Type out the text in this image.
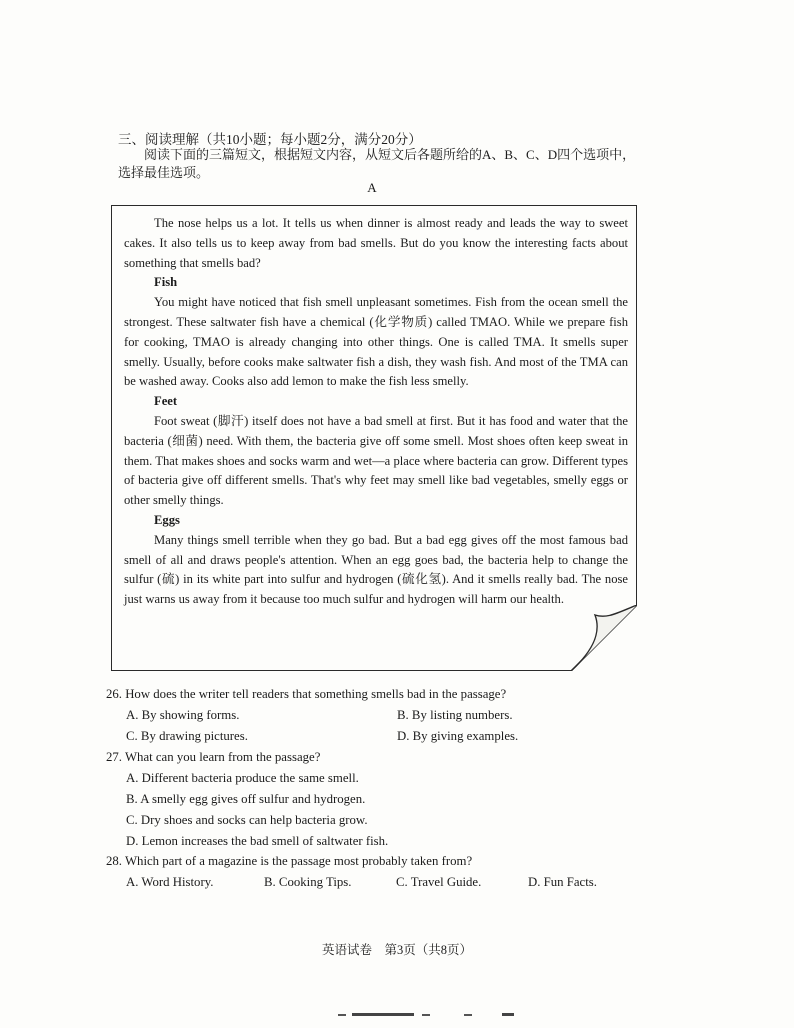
三、阅读理解（共10小题；每小题2分，满分20分）
阅读下面的三篇短文，根据短文内容，从短文后各题所给的A、B、C、D四个选项中，选择最佳选项。
A

The nose helps us a lot. It tells us when dinner is almost ready and leads the way to sweet cakes. It also tells us to keep away from bad smells. But do you know the interesting facts about something that smells bad?

Fish

You might have noticed that fish smell unpleasant sometimes. Fish from the ocean smell the strongest. These saltwater fish have a chemical (化学物质) called TMAO. While we prepare fish for cooking, TMAO is already changing into other things. One is called TMA. It smells super smelly. Usually, before cooks make saltwater fish a dish, they wash fish. And most of the TMA can be washed away. Cooks also add lemon to make the fish less smelly.

Feet

Foot sweat (脚汗) itself does not have a bad smell at first. But it has food and water that the bacteria (细菌) need. With them, the bacteria give off some smell. Most shoes often keep sweat in them. That makes shoes and socks warm and wet—a place where bacteria can grow. Different types of bacteria give off different smells. That's why feet may smell like bad vegetables, smelly eggs or other smelly things.

Eggs

Many things smell terrible when they go bad. But a bad egg gives off the most famous bad smell of all and draws people's attention. When an egg goes bad, the bacteria help to change the sulfur (硫) in its white part into sulfur and hydrogen (硫化氢). And it smells really bad. The nose just warns us away from it because too much sulfur and hydrogen will harm our health.

26. How does the writer tell readers that something smells bad in the passage?
A. By showing forms.	B. By listing numbers.
C. By drawing pictures.	D. By giving examples.
27. What can you learn from the passage?
A. Different bacteria produce the same smell.
B. A smelly egg gives off sulfur and hydrogen.
C. Dry shoes and socks can help bacteria grow.
D. Lemon increases the bad smell of saltwater fish.
28. Which part of a magazine is the passage most probably taken from?
A. Word History.	B. Cooking Tips.	C. Travel Guide.	D. Fun Facts.
英语试卷　第3页（共8页）
